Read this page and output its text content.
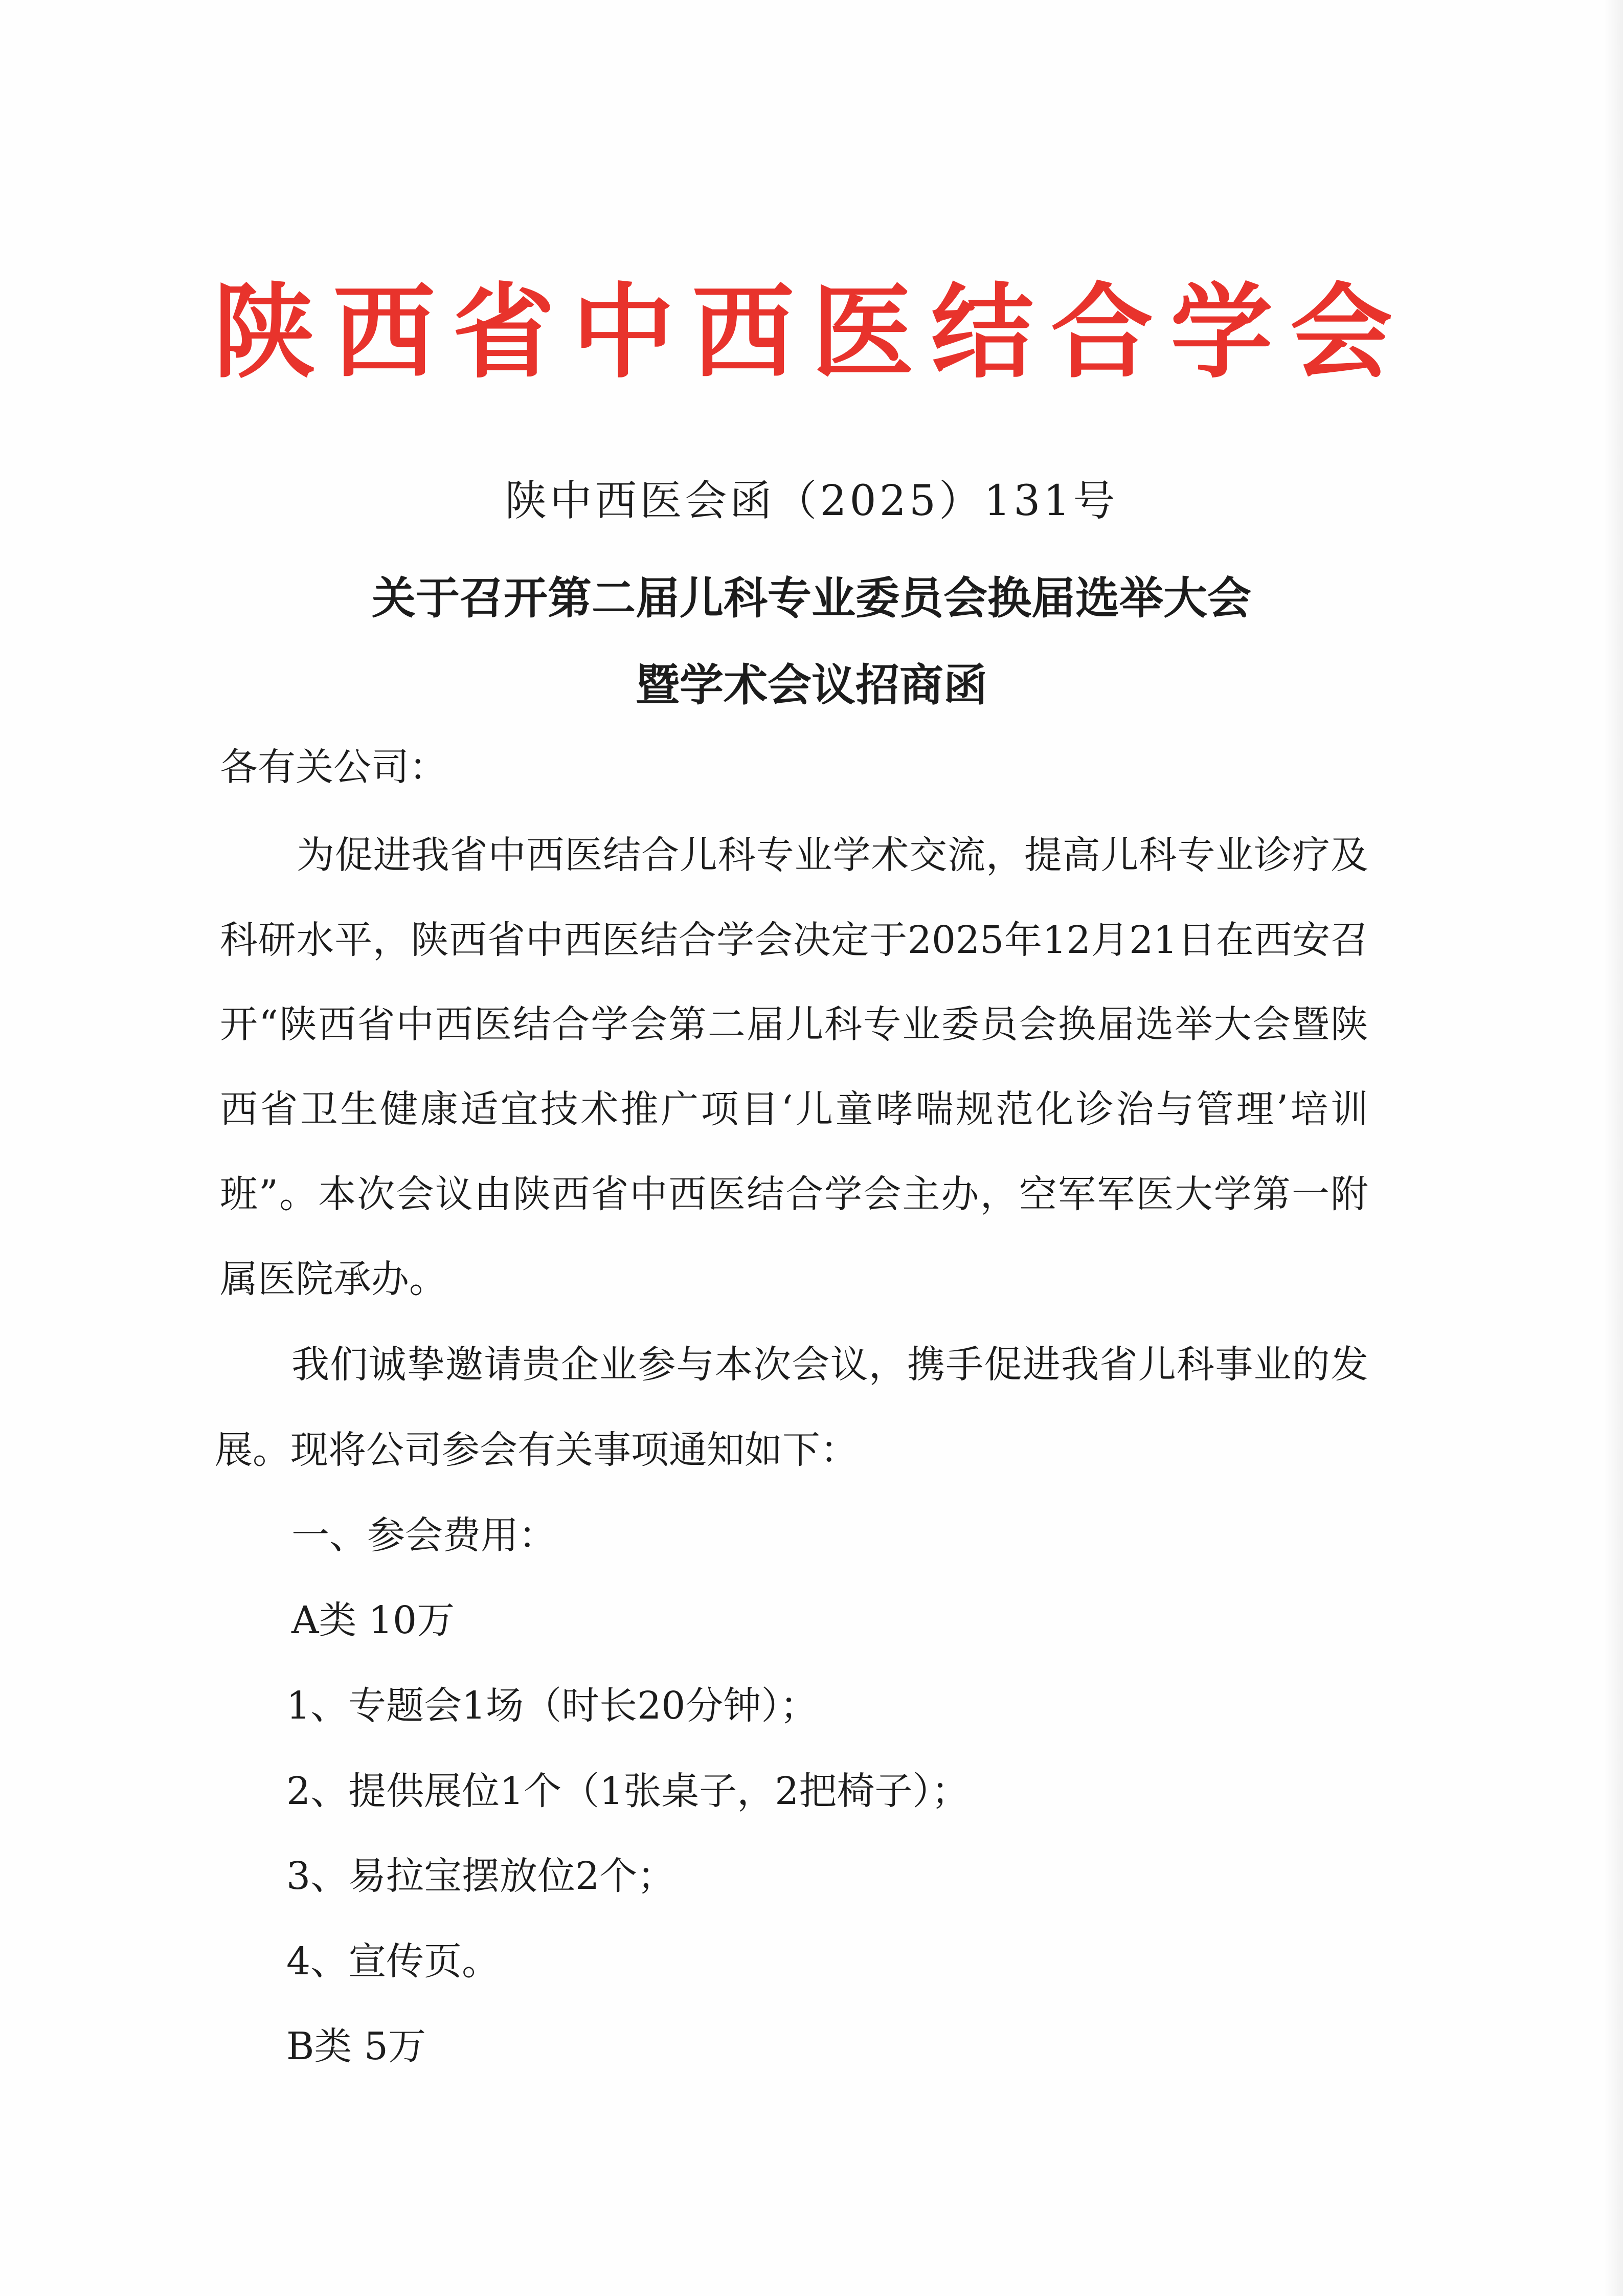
陕西省中西医结合学会
陕中西医会函（2025）131号
关于召开第二届儿科专业委员会换届选举大会
暨学术会议招商函
各有关公司：
为促进我省中西医结合儿科专业学术交流，提高儿科专业诊疗及
科研水平，陕西省中西医结合学会决定于2025年12月21日在西安召
开“陕西省中西医结合学会第二届儿科专业委员会换届选举大会暨陕
西省卫生健康适宜技术推广项目‘儿童哮喘规范化诊治与管理’培训
班”。本次会议由陕西省中西医结合学会主办，空军军医大学第一附
属医院承办。
我们诚挚邀请贵企业参与本次会议，携手促进我省儿科事业的发
展。现将公司参会有关事项通知如下：
一、参会费用：
A类 10万
1、专题会1场（时长20分钟）；
2、提供展位1个（1张桌子，2把椅子）；
3、易拉宝摆放位2个；
4、宣传页。
B类 5万
